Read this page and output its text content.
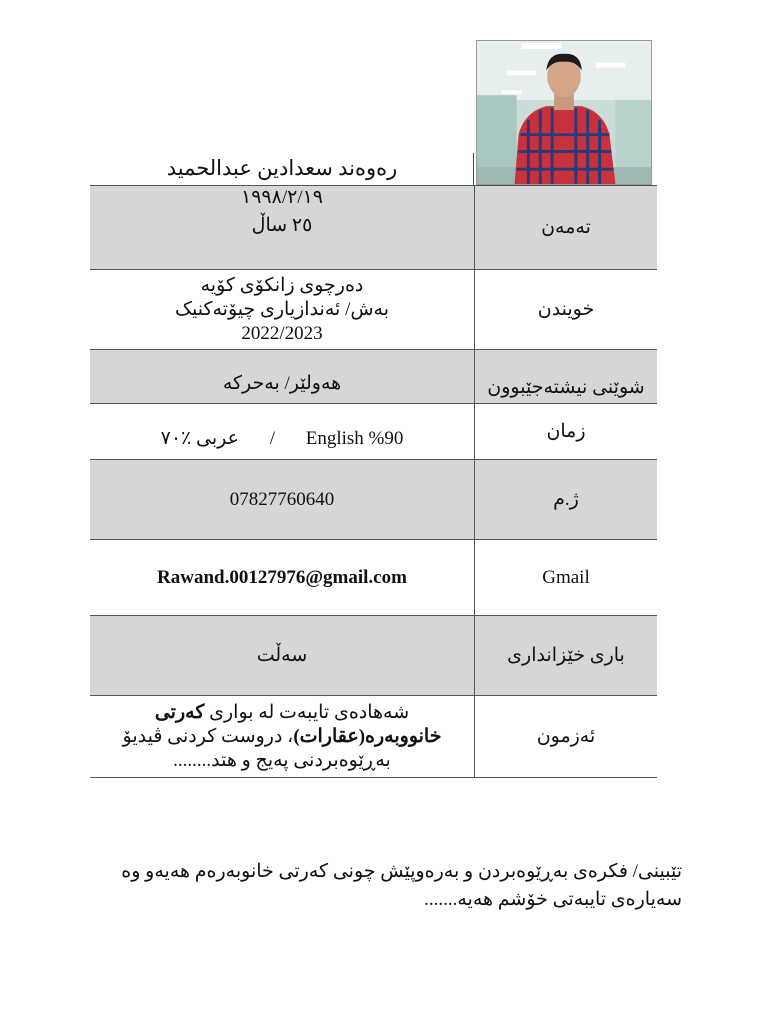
رەوەند سعدادین عبدالحمید
١٩٩٨/٢/١٩
٢٥ ساڵ	تەمەن

دەرچوی زانکۆی کۆیە
بەش/ ئەندازیاری چیۆتەکنیک
2022/2023	خویندن
هەولێر/ بەحرکە	شوێنی نیشتەجێبوون
عربی ٪٧٠ / English %90	زمان
07827760640	ژ.م
Rawand.00127976@gmail.com	Gmail
سەڵت	باری خێزانداری

شەهادەی تایبەت لە بواری کەرتی
خانووبەرە(عقارات)، دروست کردنی ڤیدیۆ
بەڕێوەبردنی پەیج و هتد........	ئەزمون
تێبینی/ فکرەی بەڕێوەبردن و بەرەوپێش چونی کەرتی خانوبەرەم هەیەو وە
سەیارەی تایبەتی خۆشم هەیە.......
